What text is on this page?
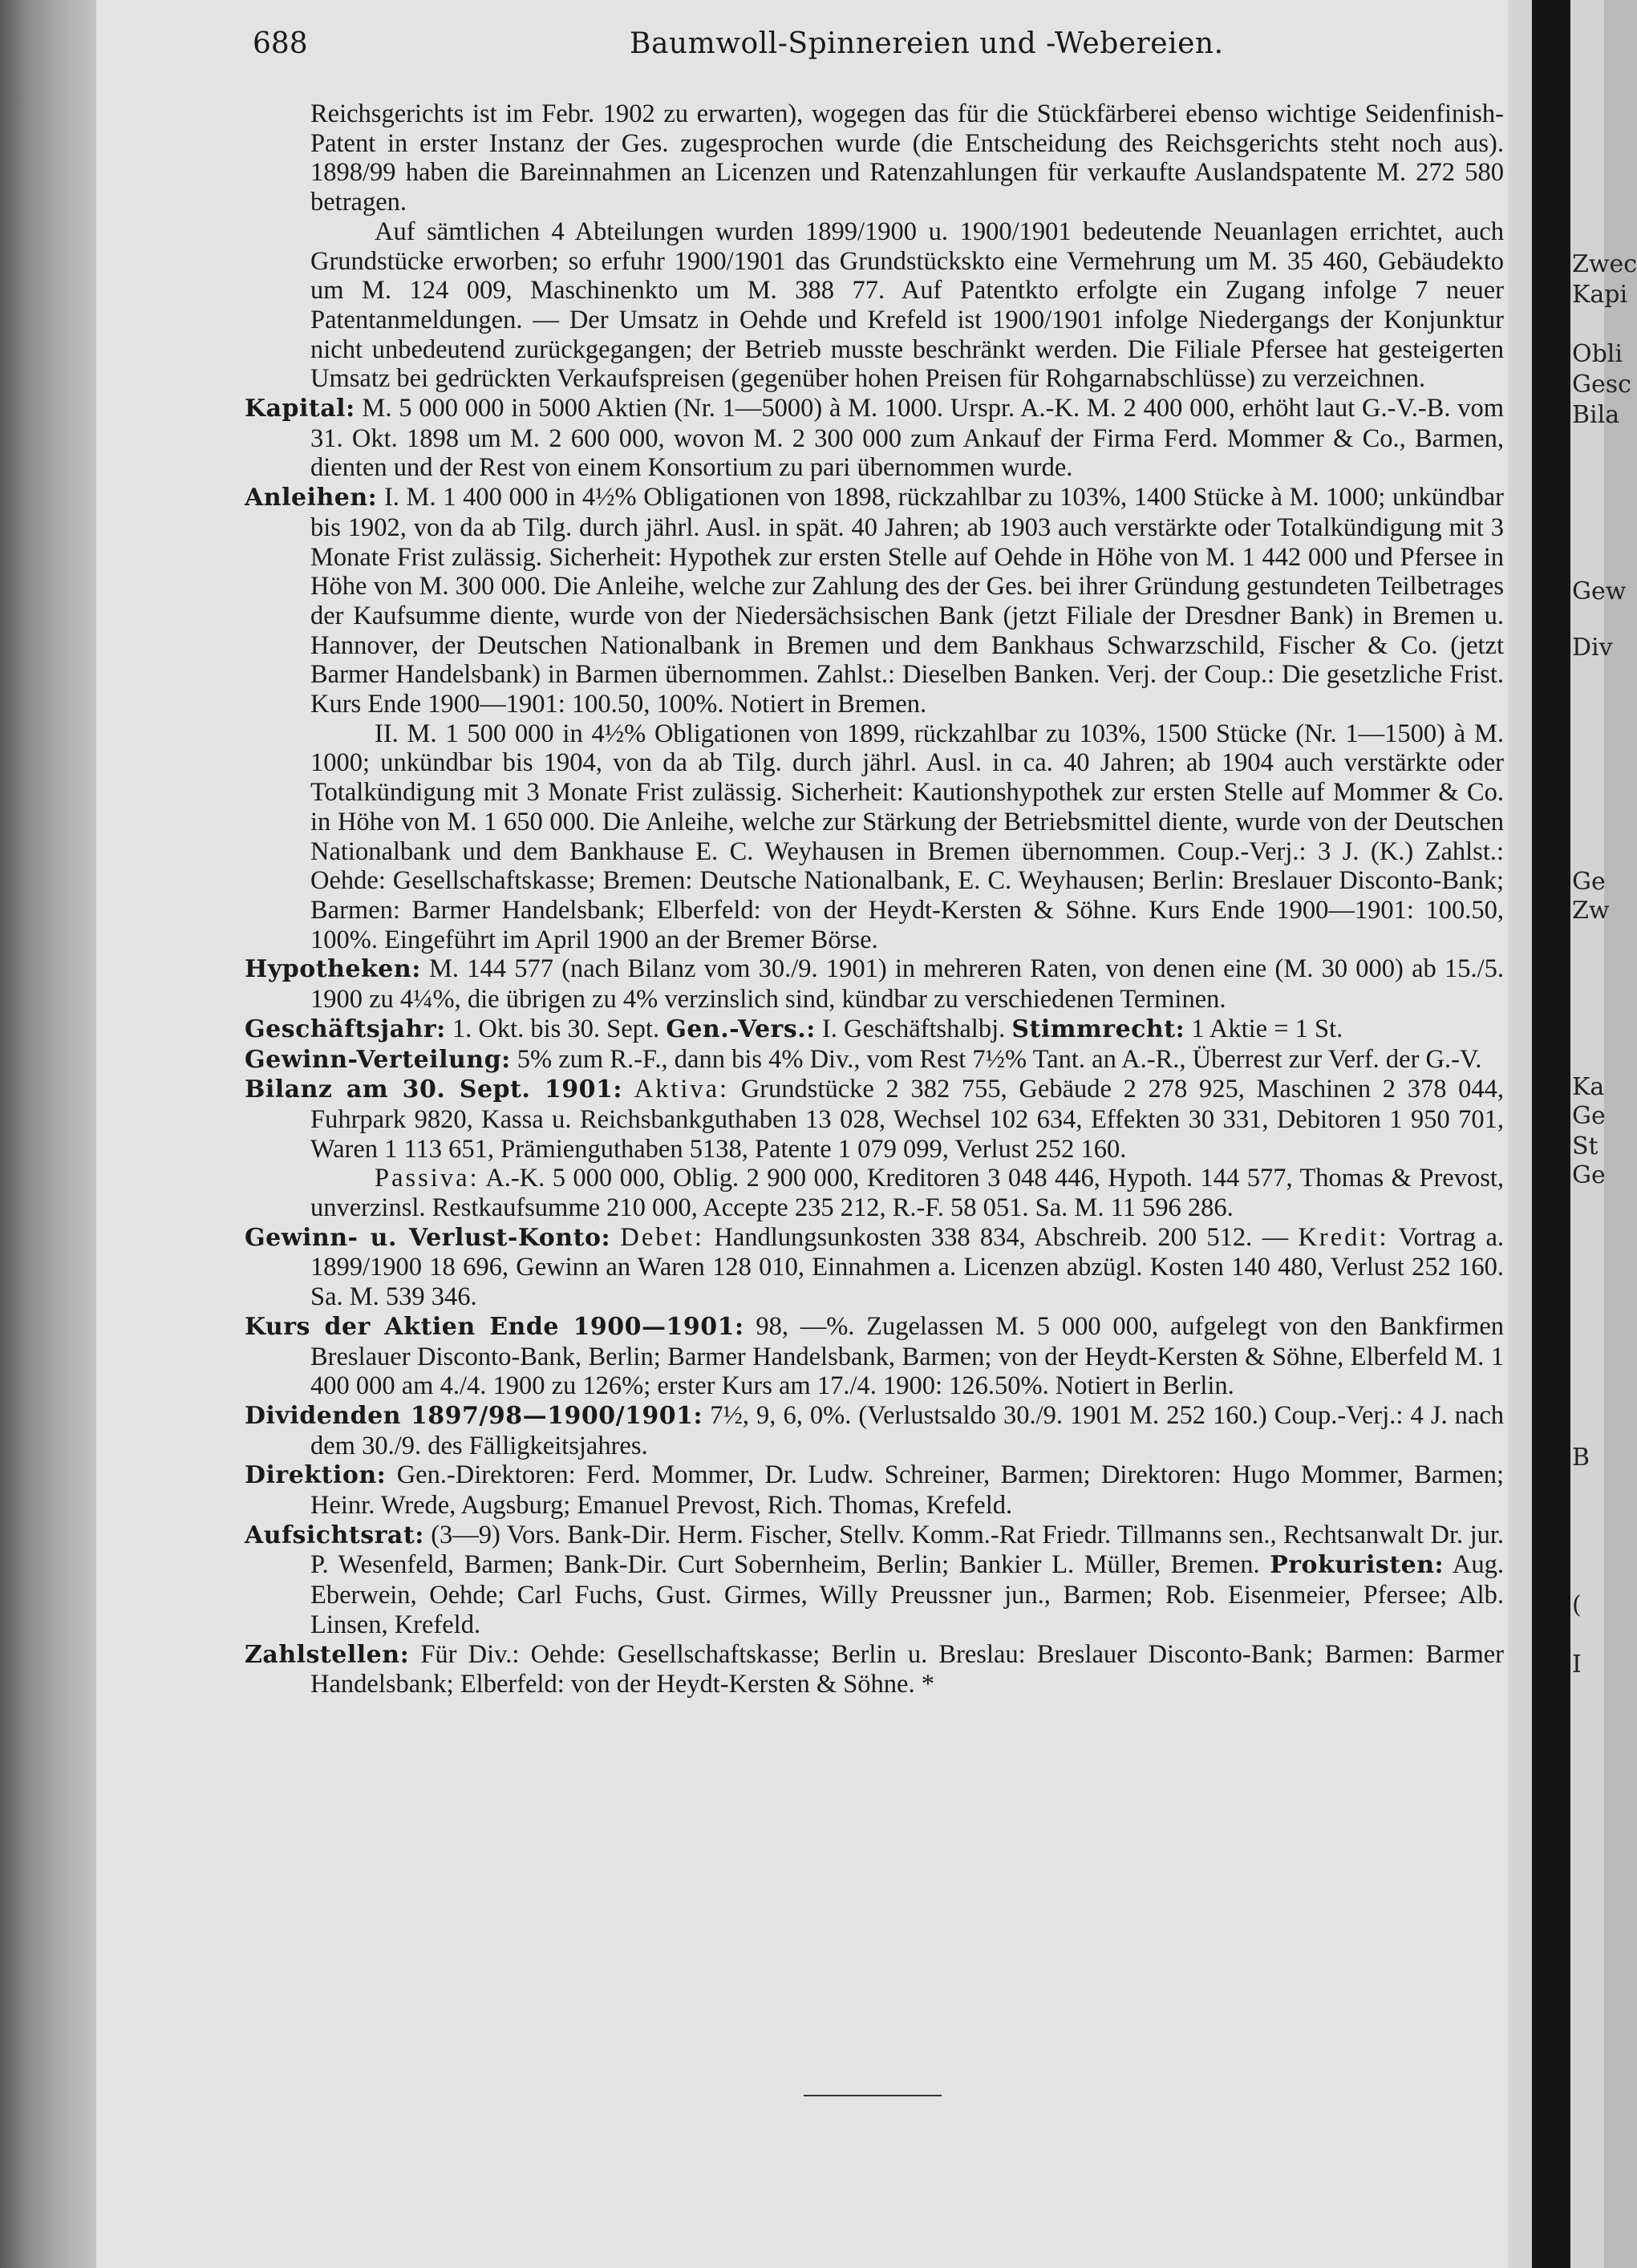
688	Baumwoll-Spinnereien und -Webereien.

Reichsgerichts ist im Febr. 1902 zu erwarten), wogegen das für die Stückfärberei ebenso wichtige Seidenfinish-Patent in erster Instanz der Ges. zugesprochen wurde (die Entscheidung des Reichsgerichts steht noch aus). 1898/99 haben die Bareinnahmen an Licenzen und Ratenzahlungen für verkaufte Auslandspatente M. 272 580 betragen.

Auf sämtlichen 4 Abteilungen wurden 1899/1900 u. 1900/1901 bedeutende Neuanlagen errichtet, auch Grundstücke erworben; so erfuhr 1900/1901 das Grundstückskto eine Vermehrung um M. 35 460, Gebäudekto um M. 124 009, Maschinenkto um M. 388 77. Auf Patentkto erfolgte ein Zugang infolge 7 neuer Patentanmeldungen. — Der Umsatz in Oehde und Krefeld ist 1900/1901 infolge Niedergangs der Konjunktur nicht unbedeutend zurückgegangen; der Betrieb musste beschränkt werden. Die Filiale Pfersee hat gesteigerten Umsatz bei gedrückten Verkaufspreisen (gegenüber hohen Preisen für Rohgarnabschlüsse) zu verzeichnen.

Kapital: M. 5 000 000 in 5000 Aktien (Nr. 1—5000) à M. 1000. Urspr. A.-K. M. 2 400 000, erhöht laut G.-V.-B. vom 31. Okt. 1898 um M. 2 600 000, wovon M. 2 300 000 zum Ankauf der Firma Ferd. Mommer & Co., Barmen, dienten und der Rest von einem Konsortium zu pari übernommen wurde.

Anleihen: I. M. 1 400 000 in 4½% Obligationen von 1898, rückzahlbar zu 103%, 1400 Stücke à M. 1000; unkündbar bis 1902, von da ab Tilg. durch jährl. Ausl. in spät. 40 Jahren; ab 1903 auch verstärkte oder Totalkündigung mit 3 Monate Frist zulässig. Sicherheit: Hypothek zur ersten Stelle auf Oehde in Höhe von M. 1 442 000 und Pfersee in Höhe von M. 300 000. Die Anleihe, welche zur Zahlung des der Ges. bei ihrer Gründung gestundeten Teilbetrages der Kaufsumme diente, wurde von der Niedersächsischen Bank (jetzt Filiale der Dresdner Bank) in Bremen u. Hannover, der Deutschen Nationalbank in Bremen und dem Bankhaus Schwarzschild, Fischer & Co. (jetzt Barmer Handelsbank) in Barmen übernommen. Zahlst.: Dieselben Banken. Verj. der Coup.: Die gesetzliche Frist. Kurs Ende 1900—1901: 100.50, 100%. Notiert in Bremen.

II. M. 1 500 000 in 4½% Obligationen von 1899, rückzahlbar zu 103%, 1500 Stücke (Nr. 1—1500) à M. 1000; unkündbar bis 1904, von da ab Tilg. durch jährl. Ausl. in ca. 40 Jahren; ab 1904 auch verstärkte oder Totalkündigung mit 3 Monate Frist zulässig. Sicherheit: Kautionshypothek zur ersten Stelle auf Mommer & Co. in Höhe von M. 1 650 000. Die Anleihe, welche zur Stärkung der Betriebsmittel diente, wurde von der Deutschen Nationalbank und dem Bankhause E. C. Weyhausen in Bremen übernommen. Coup.-Verj.: 3 J. (K.) Zahlst.: Oehde: Gesellschaftskasse; Bremen: Deutsche Nationalbank, E. C. Weyhausen; Berlin: Breslauer Disconto-Bank; Barmen: Barmer Handelsbank; Elberfeld: von der Heydt-Kersten & Söhne. Kurs Ende 1900—1901: 100.50, 100%. Eingeführt im April 1900 an der Bremer Börse.

Hypotheken: M. 144 577 (nach Bilanz vom 30./9. 1901) in mehreren Raten, von denen eine (M. 30 000) ab 15./5. 1900 zu 4¼%, die übrigen zu 4% verzinslich sind, kündbar zu verschiedenen Terminen.

Geschäftsjahr: 1. Okt. bis 30. Sept. Gen.-Vers.: I. Geschäftshalbj. Stimmrecht: 1 Aktie = 1 St.

Gewinn-Verteilung: 5% zum R.-F., dann bis 4% Div., vom Rest 7½% Tant. an A.-R., Überrest zur Verf. der G.-V.

Bilanz am 30. Sept. 1901: Aktiva: Grundstücke 2 382 755, Gebäude 2 278 925, Maschinen 2 378 044, Fuhrpark 9820, Kassa u. Reichsbankguthaben 13 028, Wechsel 102 634, Effekten 30 331, Debitoren 1 950 701, Waren 1 113 651, Prämienguthaben 5138, Patente 1 079 099, Verlust 252 160.

Passiva: A.-K. 5 000 000, Oblig. 2 900 000, Kreditoren 3 048 446, Hypoth. 144 577, Thomas & Prevost, unverzinsl. Restkaufsumme 210 000, Accepte 235 212, R.-F. 58 051. Sa. M. 11 596 286.

Gewinn- u. Verlust-Konto: Debet: Handlungsunkosten 338 834, Abschreib. 200 512. — Kredit: Vortrag a. 1899/1900 18 696, Gewinn an Waren 128 010, Einnahmen a. Licenzen abzügl. Kosten 140 480, Verlust 252 160. Sa. M. 539 346.

Kurs der Aktien Ende 1900—1901: 98, —%. Zugelassen M. 5 000 000, aufgelegt von den Bankfirmen Breslauer Disconto-Bank, Berlin; Barmer Handelsbank, Barmen; von der Heydt-Kersten & Söhne, Elberfeld M. 1 400 000 am 4./4. 1900 zu 126%; erster Kurs am 17./4. 1900: 126.50%. Notiert in Berlin.

Dividenden 1897/98—1900/1901: 7½, 9, 6, 0%. (Verlustsaldo 30./9. 1901 M. 252 160.) Coup.-Verj.: 4 J. nach dem 30./9. des Fälligkeitsjahres.

Direktion: Gen.-Direktoren: Ferd. Mommer, Dr. Ludw. Schreiner, Barmen; Direktoren: Hugo Mommer, Barmen; Heinr. Wrede, Augsburg; Emanuel Prevost, Rich. Thomas, Krefeld.

Aufsichtsrat: (3—9) Vors. Bank-Dir. Herm. Fischer, Stellv. Komm.-Rat Friedr. Tillmanns sen., Rechtsanwalt Dr. jur. P. Wesenfeld, Barmen; Bank-Dir. Curt Sobernheim, Berlin; Bankier L. Müller, Bremen. Prokuristen: Aug. Eberwein, Oehde; Carl Fuchs, Gust. Girmes, Willy Preussner jun., Barmen; Rob. Eisenmeier, Pfersee; Alb. Linsen, Krefeld.

Zahlstellen: Für Div.: Oehde: Gesellschaftskasse; Berlin u. Breslau: Breslauer Disconto-Bank; Barmen: Barmer Handelsbank; Elberfeld: von der Heydt-Kersten & Söhne. *

Zwec
Kapi
Obli
Gesc
Bila
Gew
Div
Ge
Zw
Ka
Ge
St
Ge
B
(
I
